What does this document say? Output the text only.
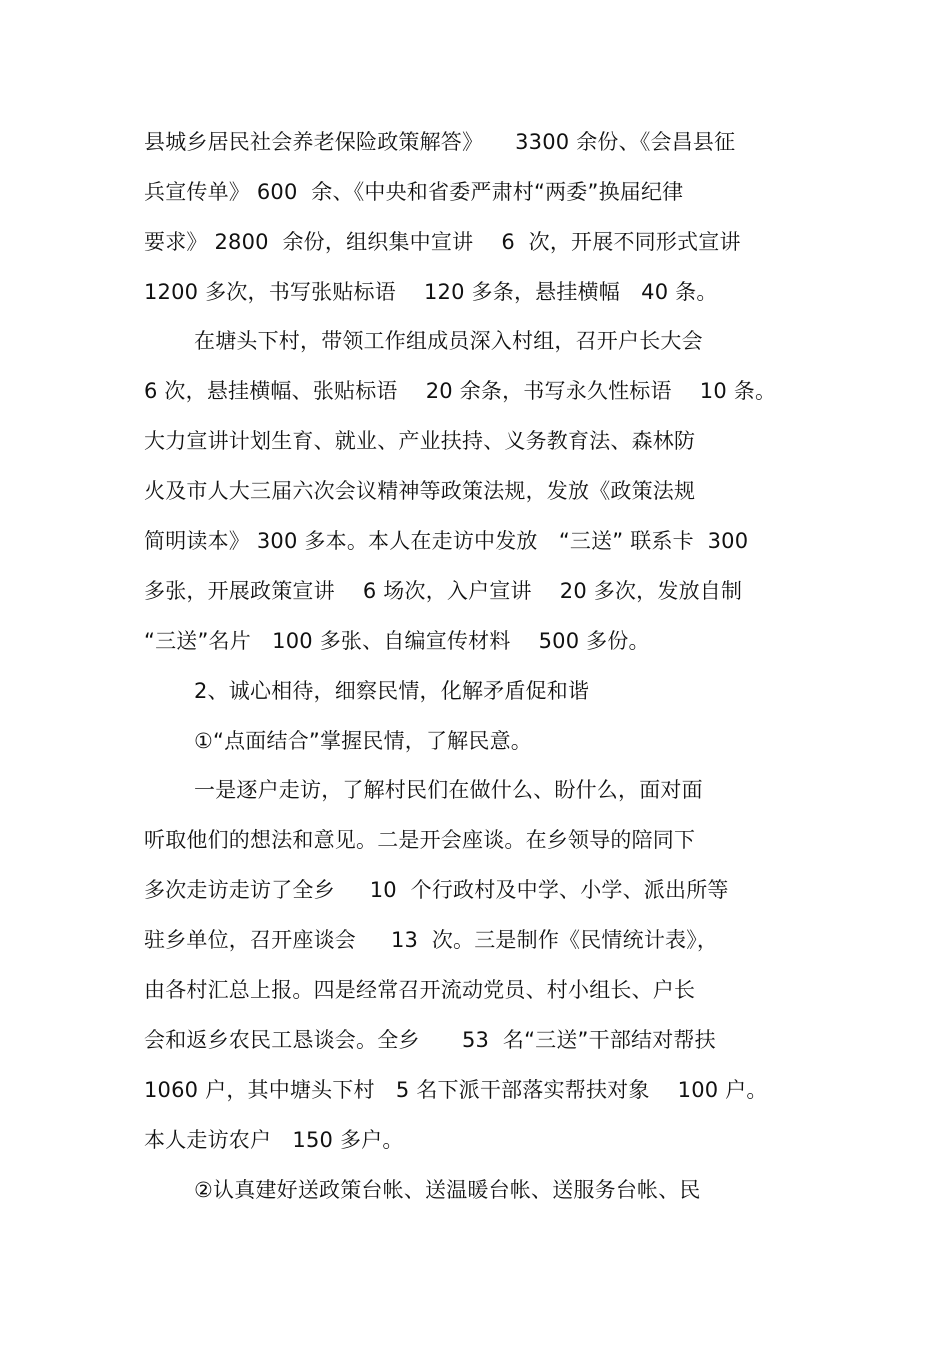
县城乡居民社会养老保险政策解答》　　3300 余份、《会昌县征
兵宣传单》 600  余、《中央和省委严肃村“两委”换届纪律
要求》 2800  余份，组织集中宣讲　 6  次，开展不同形式宣讲
1200 多次，书写张贴标语　 120 多条，悬挂横幅　40 条。
在塘头下村，带领工作组成员深入村组，召开户长大会
6 次，悬挂横幅、张贴标语　 20 余条，书写永久性标语　 10 条。
大力宣讲计划生育、就业、产业扶持、义务教育法、森林防
火及市人大三届六次会议精神等政策法规，发放《政策法规
简明读本》 300 多本。本人在走访中发放　“三送” 联系卡  300
多张，开展政策宣讲　 6 场次，入户宣讲　 20 多次，发放自制
“三送”名片　100 多张、自编宣传材料　 500 多份。
2、诚心相待，细察民情，化解矛盾促和谐
①“点面结合”掌握民情，了解民意。
一是逐户走访，了解村民们在做什么、盼什么，面对面
听取他们的想法和意见。二是开会座谈。在乡领导的陪同下
多次走访走访了全乡　  10  个行政村及中学、小学、派出所等
驻乡单位，召开座谈会　  13  次。三是制作《民情统计表》，
由各村汇总上报。四是经常召开流动党员、村小组长、户长
会和返乡农民工恳谈会。全乡　　53  名“三送”干部结对帮扶
1060 户，其中塘头下村　5 名下派干部落实帮扶对象　 100 户。
本人走访农户　150 多户。
②认真建好送政策台帐、送温暖台帐、送服务台帐、民
